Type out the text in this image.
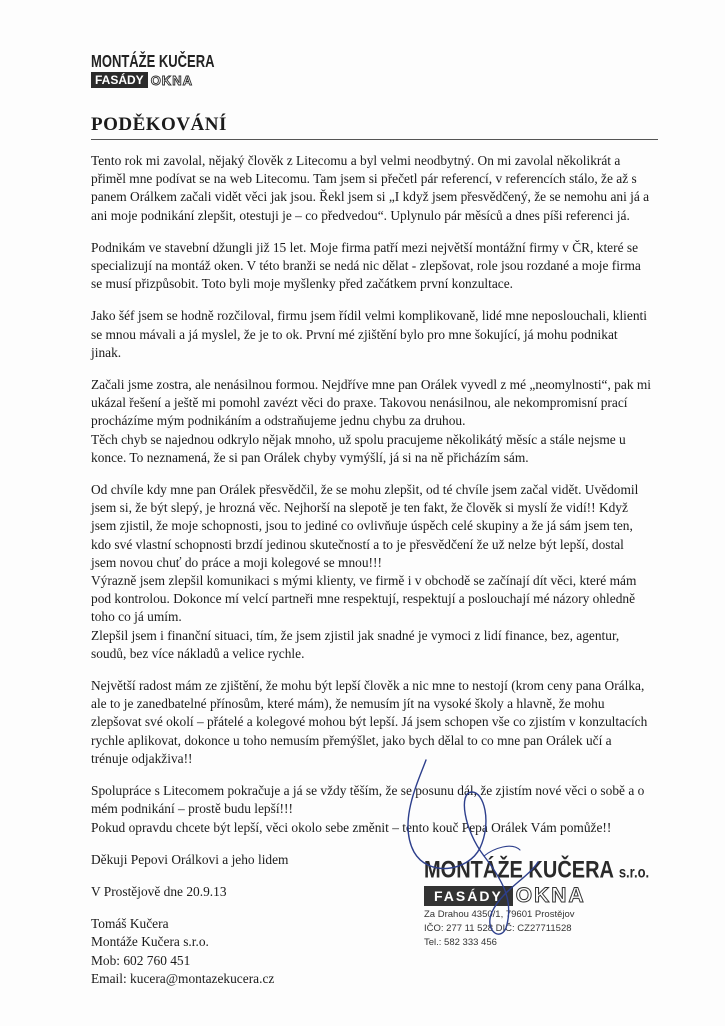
MONTÁŽE KUČERA
FASÁDY OKNA
PODĚKOVÁNÍ

Tento rok mi zavolal, nějaký člověk z Litecomu a byl velmi neodbytný. On mi zavolal několikrát a přiměl mne podívat se na web Litecomu. Tam jsem si přečetl pár referencí, v referencích stálo, že až s panem Orálkem začali vidět věci jak jsou. Řekl jsem si „I když jsem přesvědčený, že se nemohu ani já a ani moje podnikání zlepšit, otestuji je – co předvedou“. Uplynulo pár měsíců a dnes píši referenci já.

Podnikám ve stavební džungli již 15 let. Moje firma patří mezi největší montážní firmy v ČR, které se specializují na montáž oken. V této branži se nedá nic dělat - zlepšovat, role jsou rozdané a moje firma se musí přizpůsobit. Toto byli moje myšlenky před začátkem první konzultace.

Jako šéf jsem se hodně rozčiloval, firmu jsem řídil velmi komplikovaně, lidé mne neposlouchali, klienti se mnou mávali a já myslel, že je to ok. První mé zjištění bylo pro mne šokující, já mohu podnikat jinak.

Začali jsme zostra, ale nenásilnou formou. Nejdříve mne pan Orálek vyvedl z mé „neomylnosti“, pak mi ukázal řešení a ještě mi pomohl zavézt věci do praxe. Takovou nenásilnou, ale nekompromisní prací procházíme mým podnikáním a odstraňujeme jednu chybu za druhou.

Těch chyb se najednou odkrylo nějak mnoho, už spolu pracujeme několikátý měsíc a stále nejsme u konce. To neznamená, že si pan Orálek chyby vymýšlí, já si na ně přicházím sám.

Od chvíle kdy mne pan Orálek přesvědčil, že se mohu zlepšit, od té chvíle jsem začal vidět. Uvědomil jsem si, že být slepý, je hrozná věc. Nejhorší na slepotě je ten fakt, že člověk si myslí že vidí!! Když jsem zjistil, že moje schopnosti, jsou to jediné co ovlivňuje úspěch celé skupiny a že já sám jsem ten, kdo své vlastní schopnosti brzdí jedinou skutečností a to je přesvědčení že už nelze být lepší, dostal jsem novou chuť do práce a moji kolegové se mnou!!!

Výrazně jsem zlepšil komunikaci s mými klienty, ve firmě i v obchodě se začínají dít věci, které mám pod kontrolou. Dokonce mí velcí partneři mne respektují, respektují a poslouchají mé názory ohledně toho co já umím.

Zlepšil jsem i finanční situaci, tím, že jsem zjistil jak snadné je vymoci z lidí finance, bez, agentur, soudů, bez více nákladů a velice rychle.

Největší radost mám ze zjištění, že mohu být lepší člověk a nic mne to nestojí (krom ceny pana Orálka, ale to je zanedbatelné přínosům, které mám), že nemusím jít na vysoké školy a hlavně, že mohu zlepšovat své okolí – přátelé a kolegové mohou být lepší. Já jsem schopen vše co zjistím v konzultacích rychle aplikovat, dokonce u toho nemusím přemýšlet, jako bych dělal to co mne pan Orálek učí a trénuje odjakživa!!

Spolupráce s Litecomem pokračuje a já se vždy těším, že se posunu dál, že zjistím nové věci o sobě a o mém podnikání – prostě budu lepší!!!

Pokud opravdu chcete být lepší, věci okolo sebe změnit – tento kouč Pepa Orálek Vám pomůže!!

Děkuji Pepovi Orálkovi a jeho lidem

V Prostějově dne 20.9.13

Tomáš Kučera
Montáže Kučera s.r.o.
Mob: 602 760 451
Email: kucera@montazekucera.cz
MONTÁŽE KUČERA s.r.o.
FASÁDY OKNA
Za Drahou 4350/1, 79601 Prostějov
IČO: 277 11 528 DIČ: CZ27711528
Tel.: 582 333 456
